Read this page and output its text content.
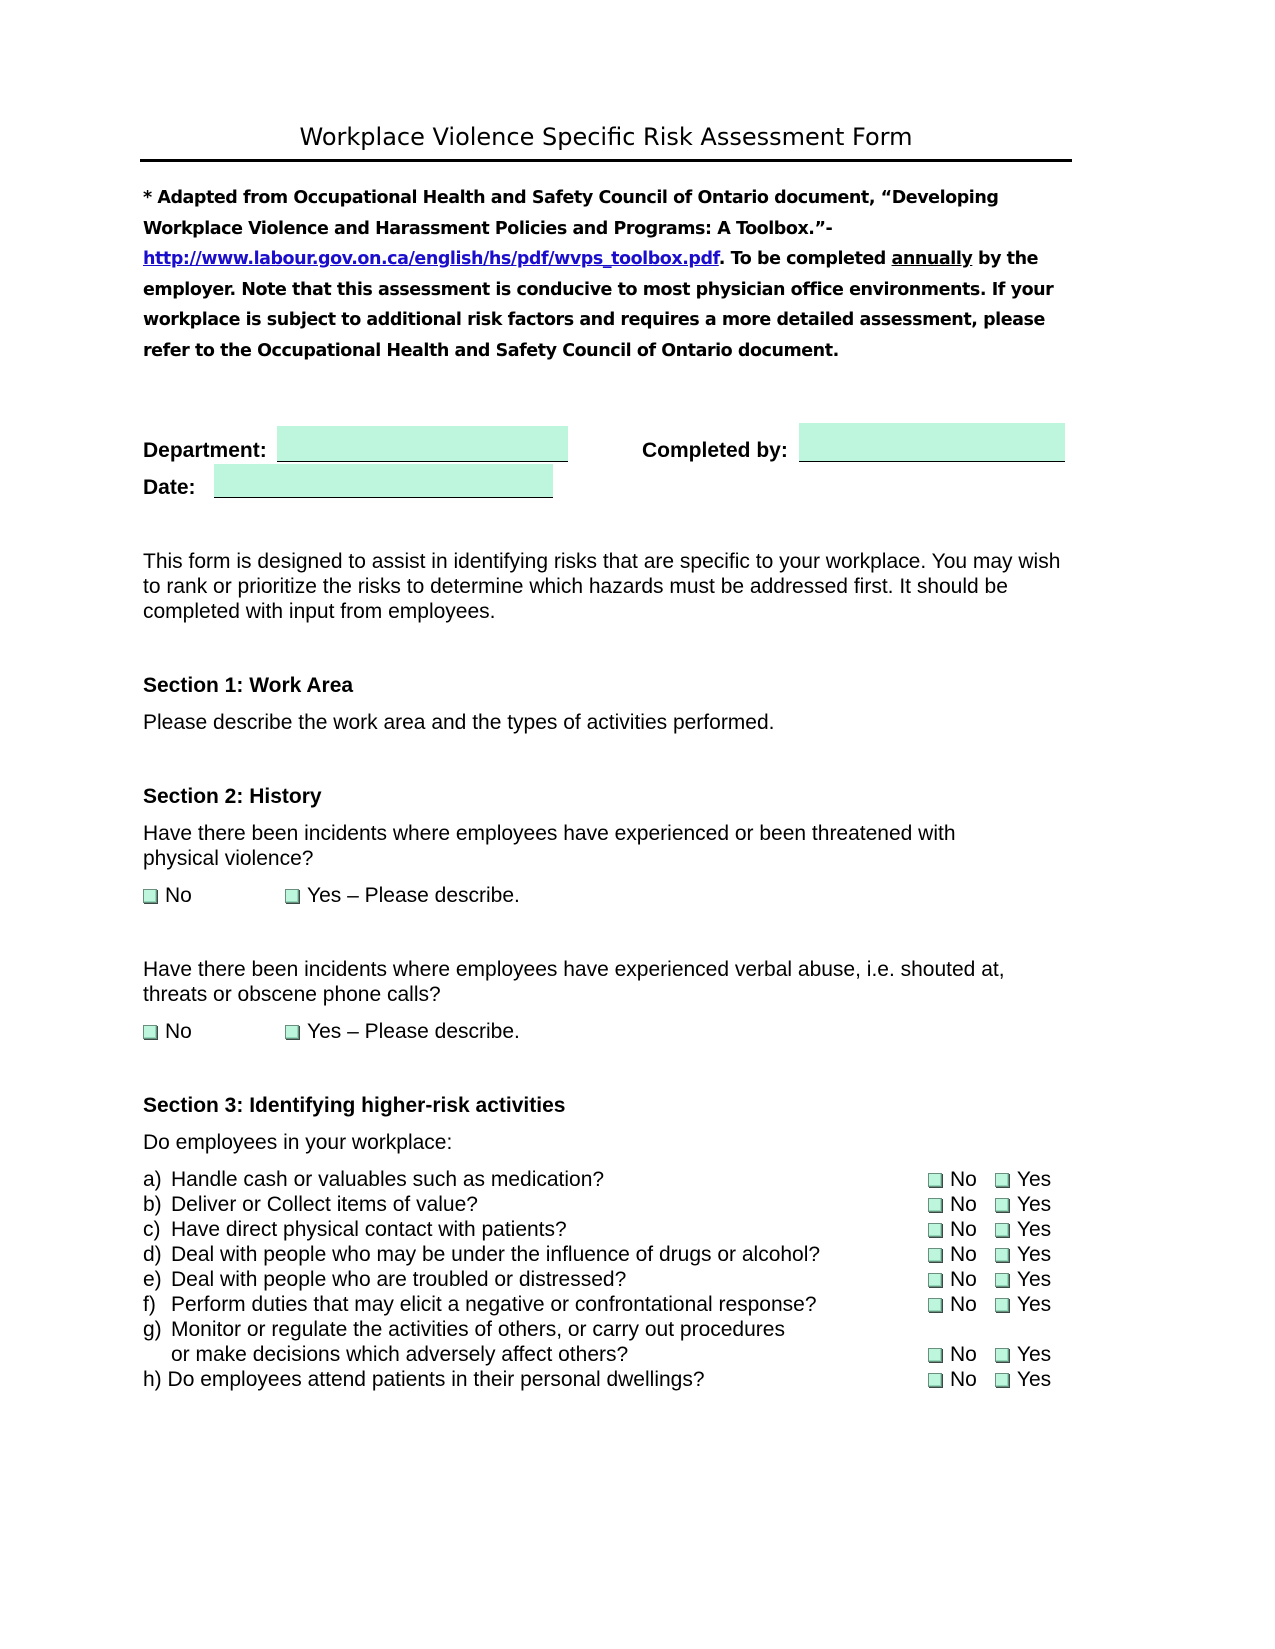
Workplace Violence Specific Risk Assessment Form
* Adapted from Occupational Health and Safety Council of Ontario document, “Developing Workplace Violence and Harassment Policies and Programs: A Toolbox.”-
http://www.labour.gov.on.ca/english/hs/pdf/wvps_toolbox.pdf. To be completed annually by the employer. Note that this assessment is conducive to most physician office environments. If your workplace is subject to additional risk factors and requires a more detailed assessment, please refer to the Occupational Health and Safety Council of Ontario document.
Department:	Completed by:
Date:
This form is designed to assist in identifying risks that are specific to your workplace. You may wish to rank or prioritize the risks to determine which hazards must be addressed first. It should be completed with input from employees.
Section 1: Work Area
Please describe the work area and the types of activities performed.
Section 2: History
Have there been incidents where employees have experienced or been threatened with physical violence?
No	Yes – Please describe.
Have there been incidents where employees have experienced verbal abuse, i.e. shouted at, threats or obscene phone calls?
No	Yes – Please describe.
Section 3: Identifying higher-risk activities
Do employees in your workplace:
a) Handle cash or valuables such as medication?	No Yes
b) Deliver or Collect items of value?	No Yes
c) Have direct physical contact with patients?	No Yes
d) Deal with people who may be under the influence of drugs or alcohol?	No Yes
e) Deal with people who are troubled or distressed?	No Yes
f) Perform duties that may elicit a negative or confrontational response?	No Yes
g) Monitor or regulate the activities of others, or carry out procedures
or make decisions which adversely affect others?	No Yes
h) Do employees attend patients in their personal dwellings?	No Yes
